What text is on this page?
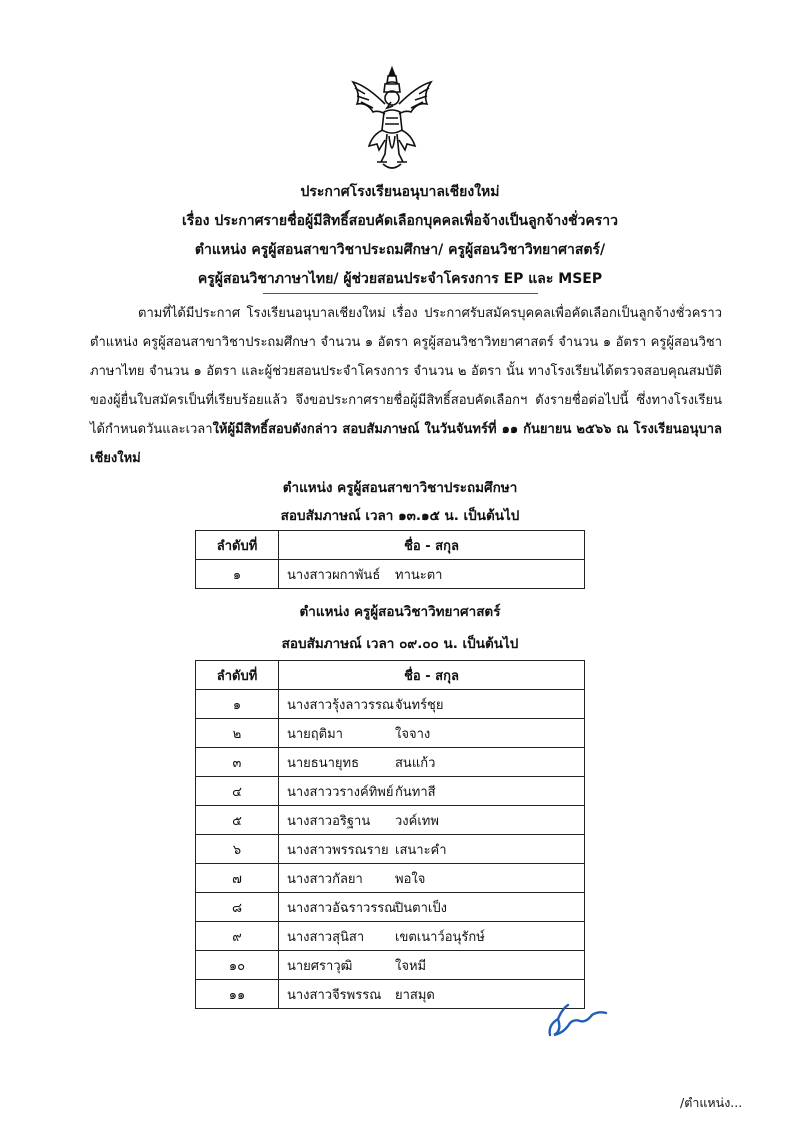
ประกาศโรงเรียนอนุบาลเชียงใหม่
เรื่อง ประกาศรายชื่อผู้มีสิทธิ์สอบคัดเลือกบุคคลเพื่อจ้างเป็นลูกจ้างชั่วคราว
ตำแหน่ง ครูผู้สอนสาขาวิชาประถมศึกษา/ ครูผู้สอนวิชาวิทยาศาสตร์/
ครูผู้สอนวิชาภาษาไทย/ ผู้ช่วยสอนประจำโครงการ EP และ MSEP
ตามที่ได้มีประกาศ โรงเรียนอนุบาลเชียงใหม่ เรื่อง ประกาศรับสมัครบุคคลเพื่อคัดเลือกเป็นลูกจ้างชั่วคราว ตำแหน่ง ครูผู้สอนสาขาวิชาประถมศึกษา จำนวน ๑ อัตรา ครูผู้สอนวิชาวิทยาศาสตร์ จำนวน ๑ อัตรา ครูผู้สอนวิชาภาษาไทย จำนวน ๑ อัตรา และผู้ช่วยสอนประจำโครงการ จำนวน ๒ อัตรา นั้น ทางโรงเรียนได้ตรวจสอบคุณสมบัติของผู้ยื่นใบสมัครเป็นที่เรียบร้อยแล้ว จึงขอประกาศรายชื่อผู้มีสิทธิ์สอบคัดเลือกฯ ดังรายชื่อต่อไปนี้ ซึ่งทางโรงเรียนได้กำหนดวันและเวลาให้ผู้มีสิทธิ์สอบดังกล่าว สอบสัมภาษณ์ ในวันจันทร์ที่ ๑๑ กันยายน ๒๕๖๖ ณ โรงเรียนอนุบาลเชียงใหม่
ตำแหน่ง ครูผู้สอนสาขาวิชาประถมศึกษา
สอบสัมภาษณ์ เวลา ๑๓.๑๕ น. เป็นต้นไป
ลำดับที่	ชื่อ - สกุล
๑	นางสาวผกาพันธ์ ทานะตา
ตำแหน่ง ครูผู้สอนวิชาวิทยาศาสตร์
สอบสัมภาษณ์ เวลา ๐๙.๐๐ น. เป็นต้นไป
ลำดับที่	ชื่อ - สกุล
๑	นางสาวรุ้งลาวรรณจันทร์ชุย
๒	นายฤติมา ใจจาง
๓	นายธนายุทธ สนแก้ว
๔	นางสาววรางค์ทิพย์ กันทาสี
๕	นางสาวอริฐาน วงค์เทพ
๖	นางสาวพรรณราย เสนาะคำ
๗	นางสาวกัลยา พอใจ
๘	นางสาวอัฉราวรรณปินตาเป็ง
๙	นางสาวสุนิสา เขตเนาว์อนุรักษ์
๑๐	นายศราวุฒิ ใจหมี
๑๑	นางสาวจีรพรรณ ยาสมุด
/ตำแหน่ง...
